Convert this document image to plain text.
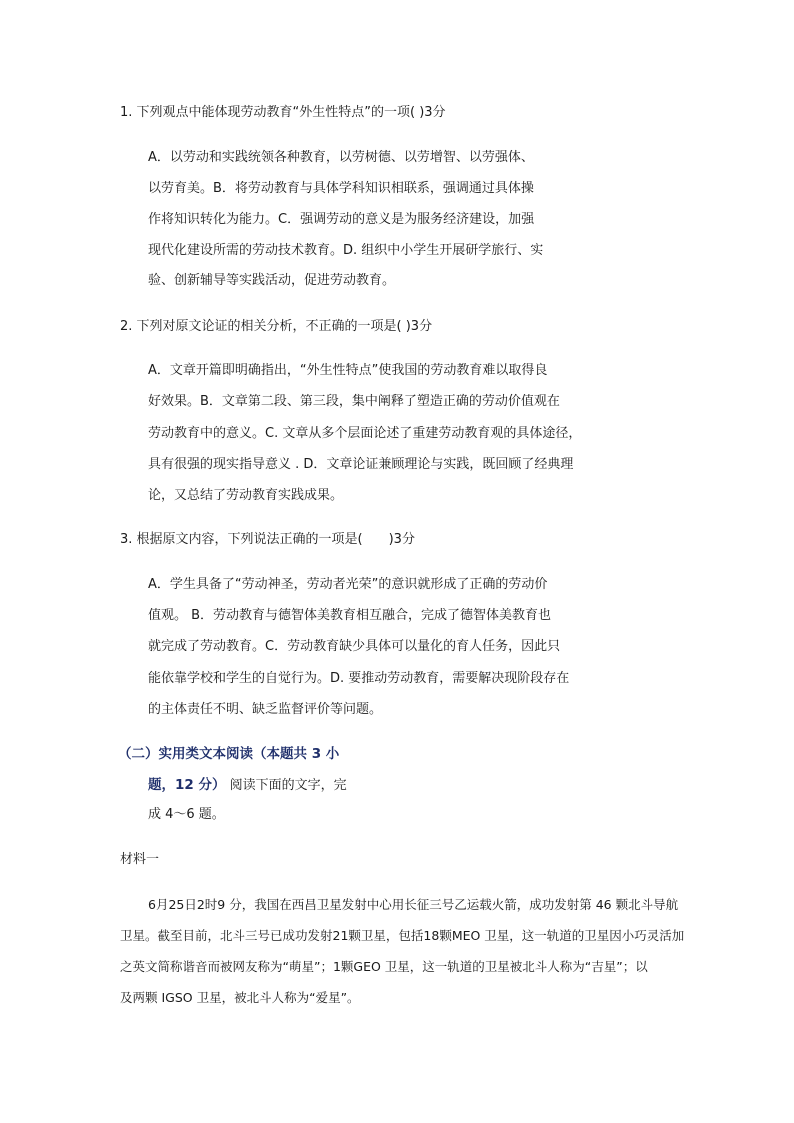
1. 下列观点中能体现劳动教育“外生性特点”的一项( )3分
A．以劳动和实践统领各种教育，以劳树德、以劳增智、以劳强体、
以劳育美。B．将劳动教育与具体学科知识相联系，强调通过具体操
作将知识转化为能力。C．强调劳动的意义是为服务经济建设，加强
现代化建设所需的劳动技术教育。D. 组织中小学生开展研学旅行、实
验、创新辅导等实践活动，促进劳动教育。
2. 下列对原文论证的相关分析，不正确的一项是( )3分
A．文章开篇即明确指出，“外生性特点”使我国的劳动教育难以取得良
好效果。B．文章第二段、第三段，集中阐释了塑造正确的劳动价值观在
劳动教育中的意义。C. 文章从多个层面论述了重建劳动教育观的具体途径，
具有很强的现实指导意义 . D．文章论证兼顾理论与实践，既回顾了经典理
论，又总结了劳动教育实践成果。
3. 根据原文内容，下列说法正确的一项是(　　)3分
A．学生具备了“劳动神圣，劳动者光荣”的意识就形成了正确的劳动价
值观。 B．劳动教育与德智体美教育相互融合，完成了德智体美教育也
就完成了劳动教育。C．劳动教育缺少具体可以量化的育人任务，因此只
能依靠学校和学生的自觉行为。D. 要推动劳动教育，需要解决现阶段存在
的主体责任不明、缺乏监督评价等问题。
（二）实用类文本阅读（本题共 3 小
题，12 分） 阅读下面的文字，完
成 4～6 题。
材料一
6月25日2时9 分，我国在西昌卫星发射中心用长征三号乙运载火箭，成功发射第 46 颗北斗导航
卫星。截至目前，北斗三号已成功发射21颗卫星，包括18颗MEO 卫星，这一轨道的卫星因小巧灵活加
之英文简称谐音而被网友称为“萌星”；1颗GEO 卫星，这一轨道的卫星被北斗人称为“吉星”；以
及两颗 IGSO 卫星，被北斗人称为“爱星”。
